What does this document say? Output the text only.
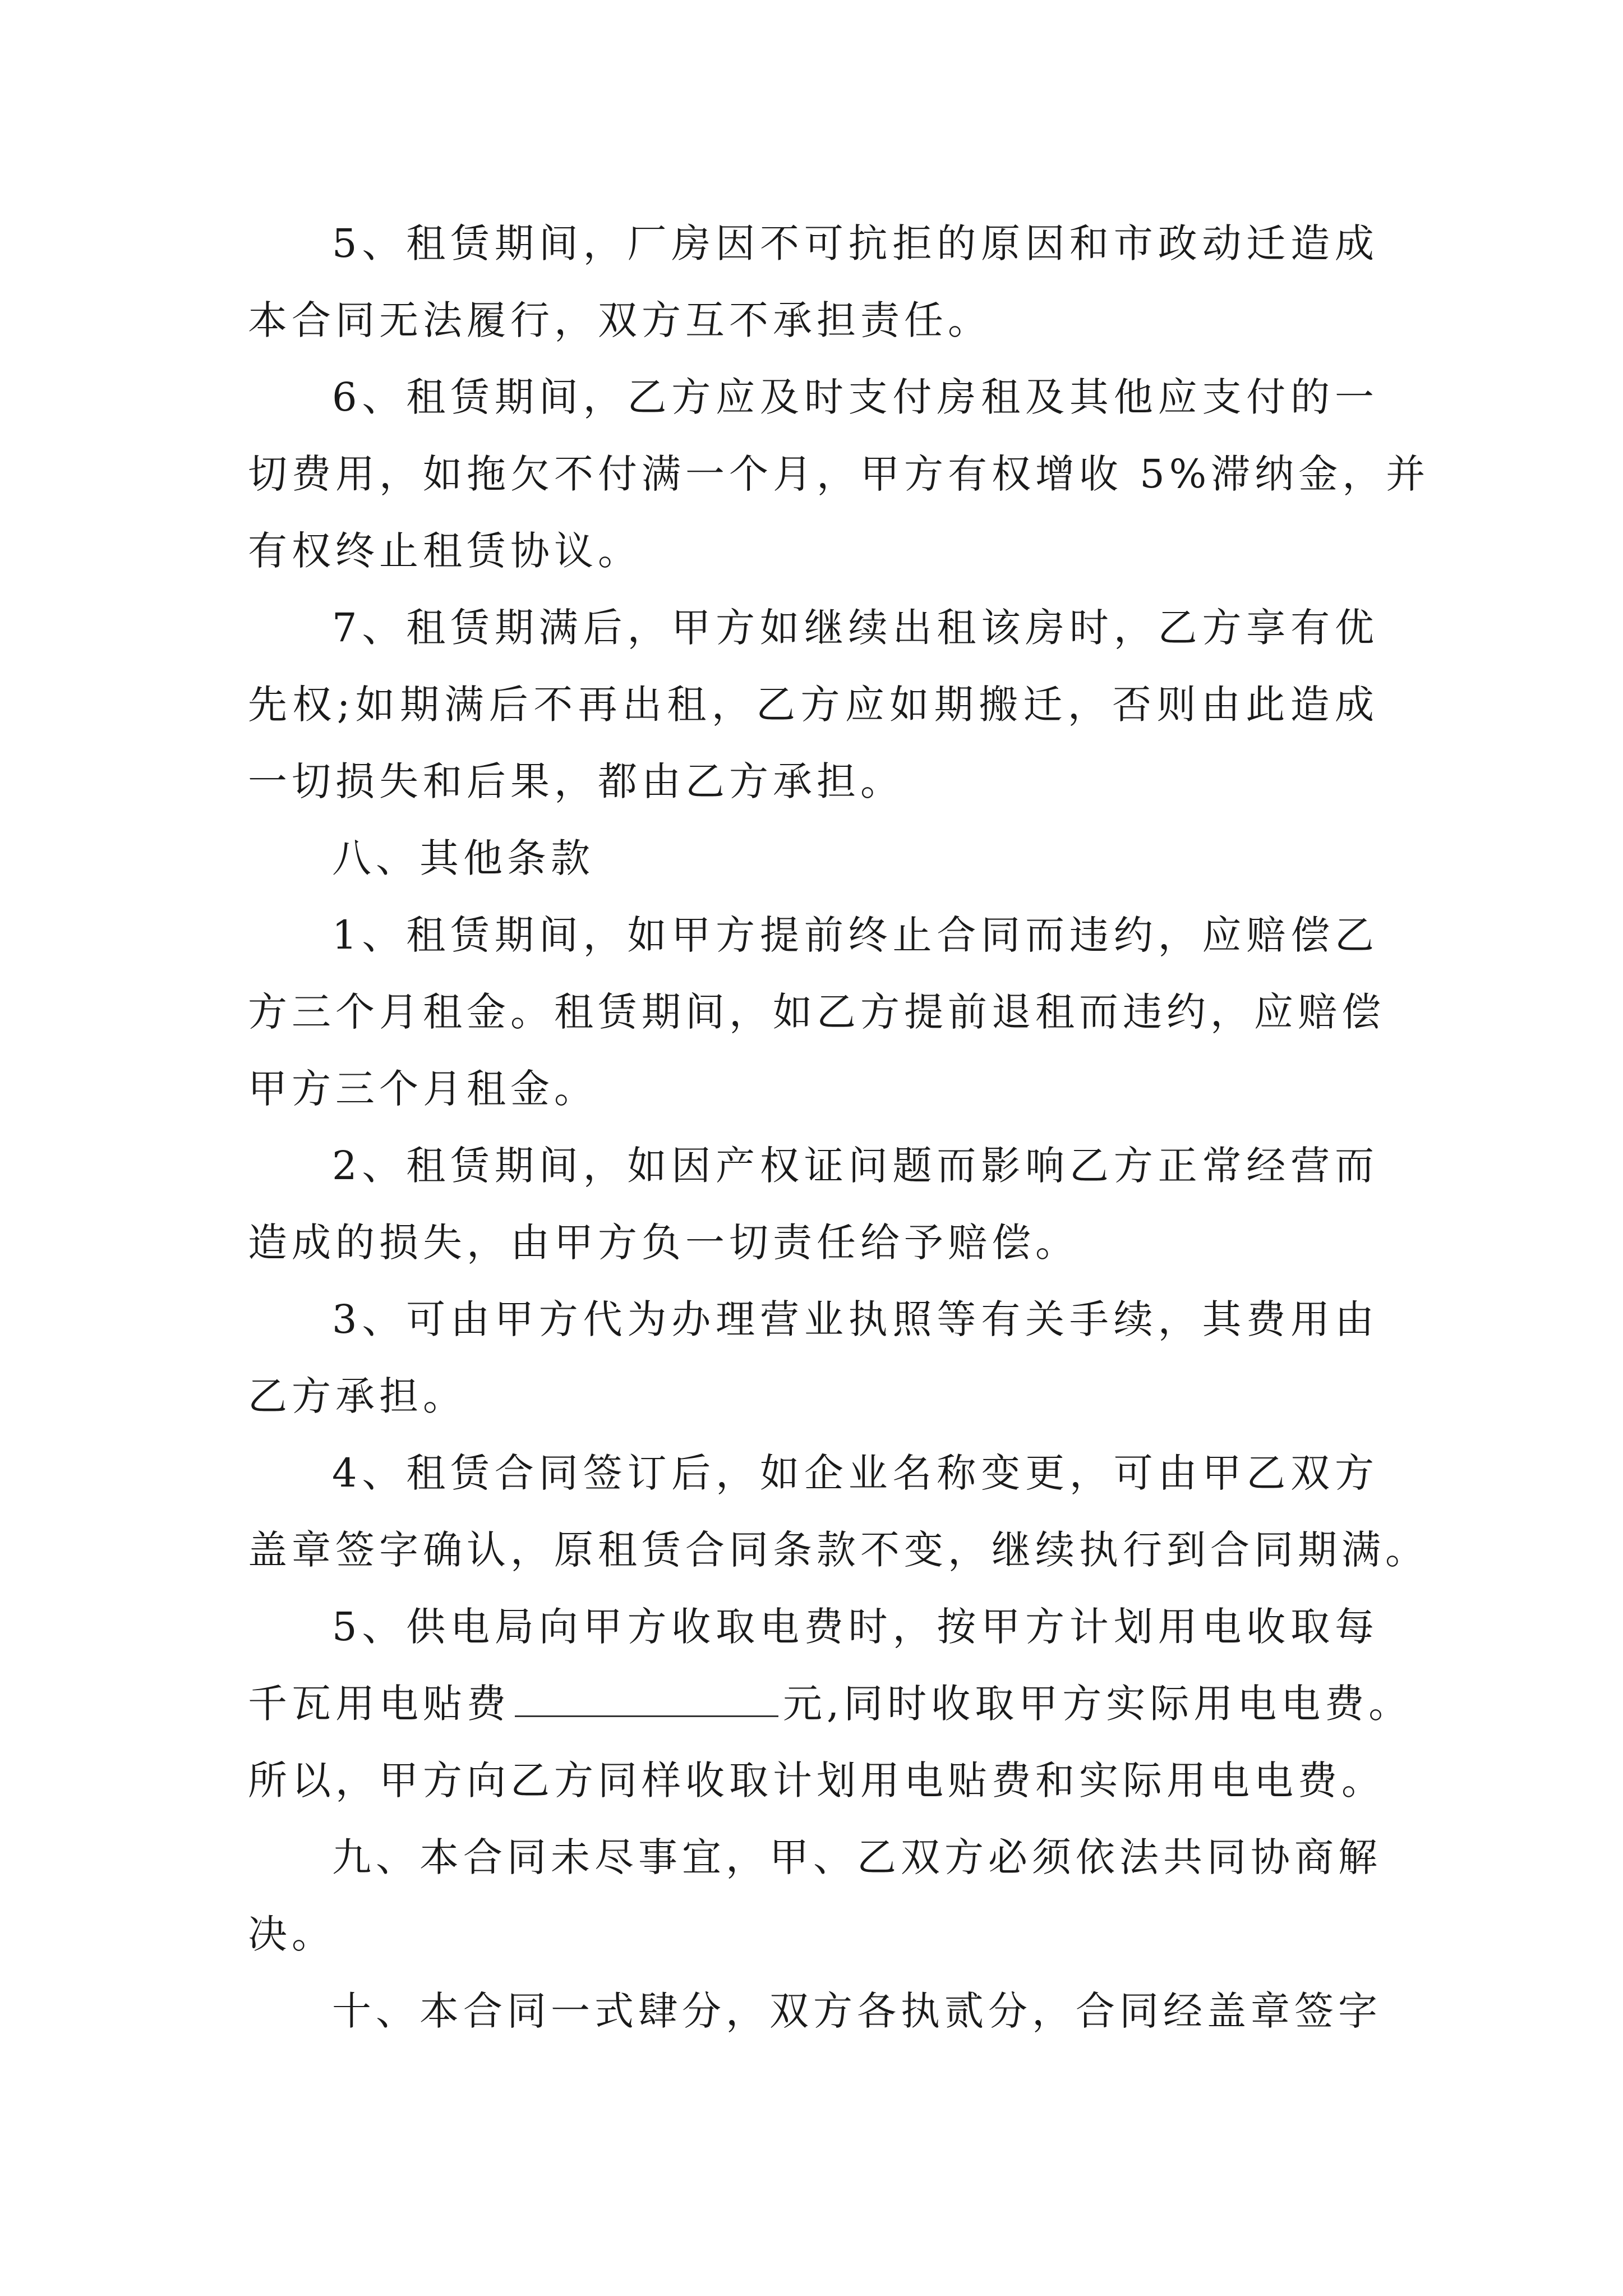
5、租赁期间，厂房因不可抗拒的原因和市政动迁造成
本合同无法履行，双方互不承担责任。
6、租赁期间，乙方应及时支付房租及其他应支付的一
切费用，如拖欠不付满一个月，甲方有权增收 5%滞纳金，并
有权终止租赁协议。
7、租赁期满后，甲方如继续出租该房时，乙方享有优
先权;如期满后不再出租，乙方应如期搬迁，否则由此造成
一切损失和后果，都由乙方承担。
八、其他条款
1、租赁期间，如甲方提前终止合同而违约，应赔偿乙
方三个月租金。租赁期间，如乙方提前退租而违约，应赔偿
甲方三个月租金。
2、租赁期间，如因产权证问题而影响乙方正常经营而
造成的损失，由甲方负一切责任给予赔偿。
3、可由甲方代为办理营业执照等有关手续，其费用由
乙方承担。
4、租赁合同签订后，如企业名称变更，可由甲乙双方
盖章签字确认，原租赁合同条款不变，继续执行到合同期满。
5、供电局向甲方收取电费时，按甲方计划用电收取每
千瓦用电贴费	元,同时收取甲方实际用电电费。
所以，甲方向乙方同样收取计划用电贴费和实际用电电费。
九、本合同未尽事宜，甲、乙双方必须依法共同协商解
决。
十、本合同一式肆分，双方各执贰分，合同经盖章签字
